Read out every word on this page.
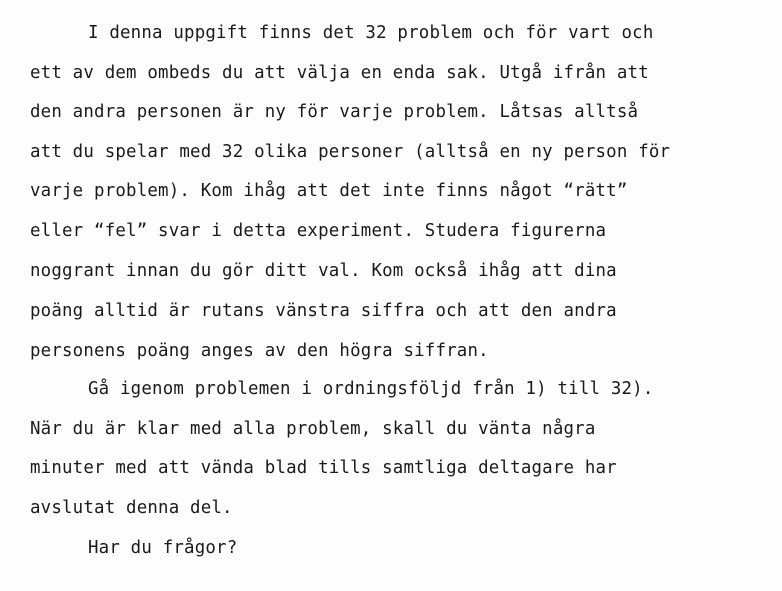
I denna uppgift finns det 32 problem och för vart och
ett av dem ombeds du att välja en enda sak. Utgå ifrån att
den andra personen är ny för varje problem. Låtsas alltså
att du spelar med 32 olika personer (alltså en ny person för
varje problem). Kom ihåg att det inte finns något “rätt”
eller “fel” svar i detta experiment. Studera figurerna
noggrant innan du gör ditt val. Kom också ihåg att dina
poäng alltid är rutans vänstra siffra och att den andra
personens poäng anges av den högra siffran.
Gå igenom problemen i ordningsföljd från 1) till 32).
När du är klar med alla problem, skall du vänta några
minuter med att vända blad tills samtliga deltagare har
avslutat denna del.
Har du frågor?
